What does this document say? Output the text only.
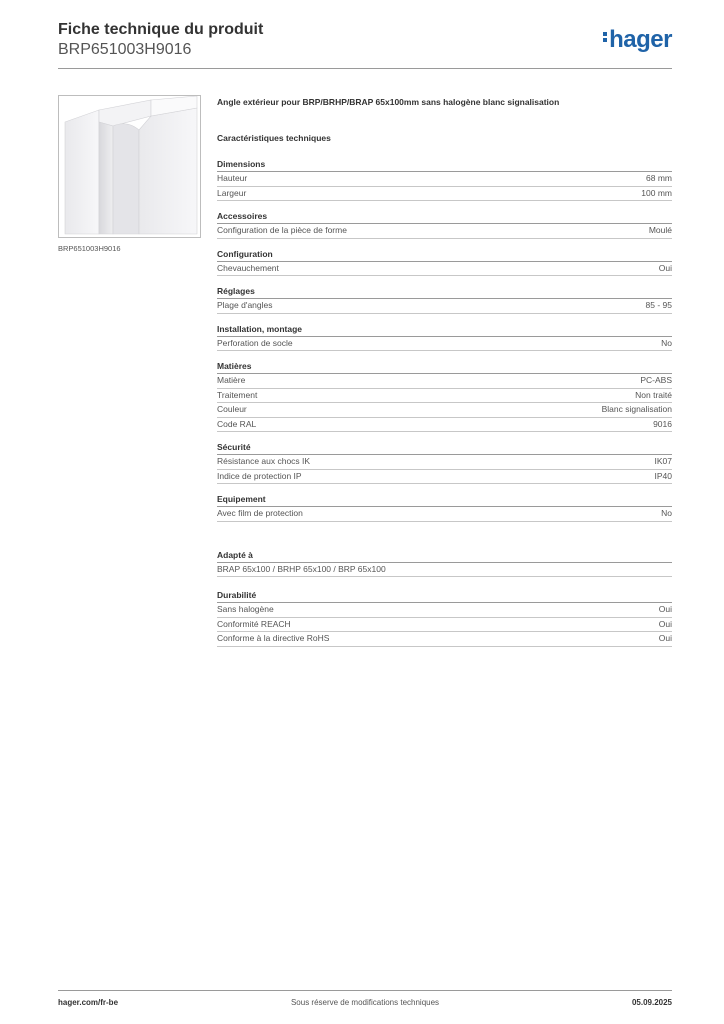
Fiche technique du produit
BRP651003H9016	hager
BRP651003H9016

Angle extérieur pour BRP/BRHP/BRAP 65x100mm sans halogène blanc signalisation

Caractéristiques techniques

Dimensions
Hauteur	68 mm
Largeur	100 mm
Accessoires
Configuration de la pièce de forme	Moulé
Configuration
Chevauchement	Oui
Réglages
Plage d'angles	85 - 95
Installation, montage
Perforation de socle	No
Matières
Matière	PC-ABS
Traitement	Non traité
Couleur	Blanc signalisation
Code RAL	9016
Sécurité
Résistance aux chocs IK	IK07
Indice de protection IP	IP40
Equipement
Avec film de protection	No
Adapté à
BRAP 65x100 / BRHP 65x100 / BRP 65x100
Durabilité
Sans halogène	Oui
Conformité REACH	Oui
Conforme à la directive RoHS	Oui
hager.com/fr-be	Sous réserve de modifications techniques	05.09.2025
